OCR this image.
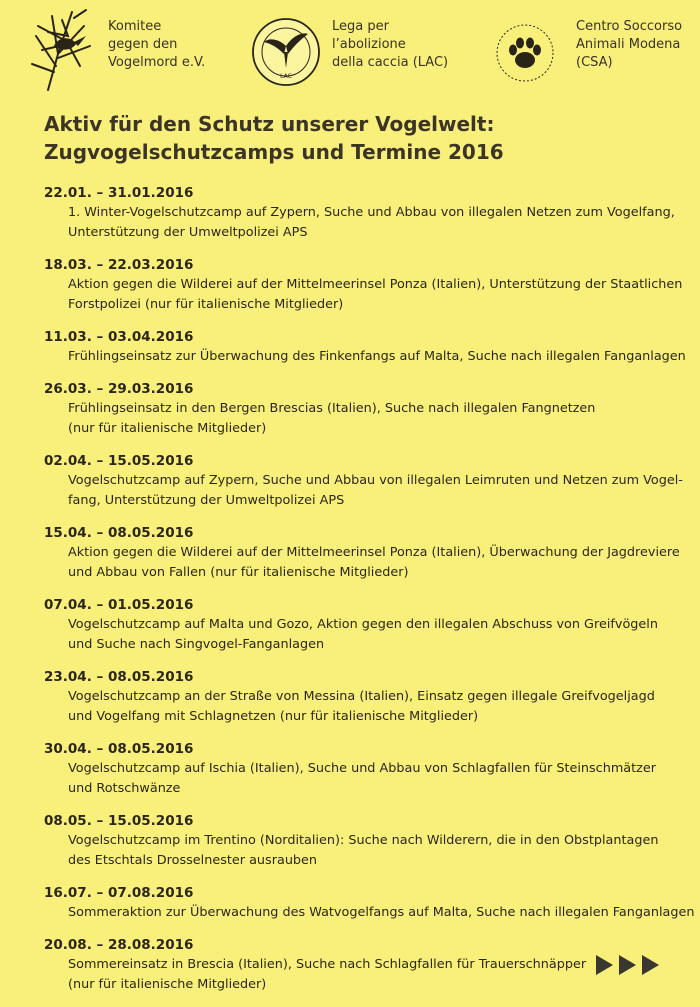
Komitee
gegen den
Vogelmord e.V.
LAC
Lega per
l’abolizione
della caccia (LAC)
Centro Soccorso
Animali Modena
(CSA)
Aktiv für den Schutz unserer Vogelwelt:
Zugvogelschutzcamps und Termine 2016
22.01. – 31.01.2016
1. Winter-Vogelschutzcamp auf Zypern, Suche und Abbau von illegalen Netzen zum Vogelfang,
Unterstützung der Umweltpolizei APS
18.03. – 22.03.2016
Aktion gegen die Wilderei auf der Mittelmeerinsel Ponza (Italien), Unterstützung der Staatlichen
Forstpolizei (nur für italienische Mitglieder)
11.03. – 03.04.2016
Frühlingseinsatz zur Überwachung des Finkenfangs auf Malta, Suche nach illegalen Fanganlagen
26.03. – 29.03.2016
Frühlingseinsatz in den Bergen Brescias (Italien), Suche nach illegalen Fangnetzen
(nur für italienische Mitglieder)
02.04. – 15.05.2016
Vogelschutzcamp auf Zypern, Suche und Abbau von illegalen Leimruten und Netzen zum Vogel-
fang, Unterstützung der Umweltpolizei APS
15.04. – 08.05.2016
Aktion gegen die Wilderei auf der Mittelmeerinsel Ponza (Italien), Überwachung der Jagdreviere
und Abbau von Fallen (nur für italienische Mitglieder)
07.04. – 01.05.2016
Vogelschutzcamp auf Malta und Gozo, Aktion gegen den illegalen Abschuss von Greifvögeln
und Suche nach Singvogel-Fanganlagen
23.04. – 08.05.2016
Vogelschutzcamp an der Straße von Messina (Italien), Einsatz gegen illegale Greifvogeljagd
und Vogelfang mit Schlagnetzen (nur für italienische Mitglieder)
30.04. – 08.05.2016
Vogelschutzcamp auf Ischia (Italien), Suche und Abbau von Schlagfallen für Steinschmätzer
und Rotschwänze
08.05. – 15.05.2016
Vogelschutzcamp im Trentino (Norditalien): Suche nach Wilderern, die in den Obstplantagen
des Etschtals Drosselnester ausrauben
16.07. – 07.08.2016
Sommeraktion zur Überwachung des Watvogelfangs auf Malta, Suche nach illegalen Fanganlagen
20.08. – 28.08.2016
Sommereinsatz in Brescia (Italien), Suche nach Schlagfallen für Trauerschnäpper
(nur für italienische Mitglieder)
